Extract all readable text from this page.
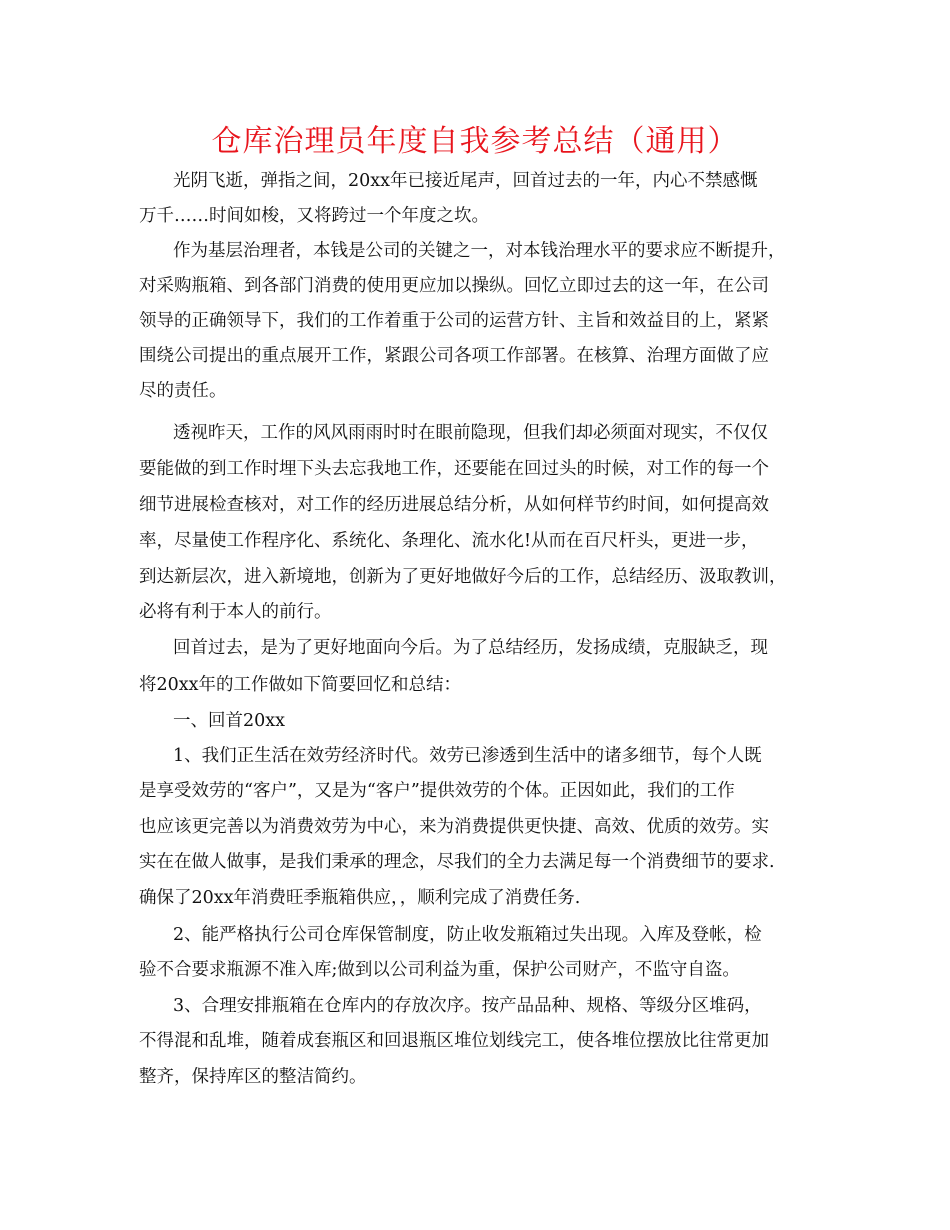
仓库治理员年度自我参考总结（通用）
光阴飞逝，弹指之间，20xx年已接近尾声，回首过去的一年，内心不禁感慨
万千……时间如梭，又将跨过一个年度之坎。
作为基层治理者，本钱是公司的关键之一，对本钱治理水平的要求应不断提升，
对采购瓶箱、到各部门消费的使用更应加以操纵。回忆立即过去的这一年，在公司
领导的正确领导下，我们的工作着重于公司的运营方针、主旨和效益目的上，紧紧
围绕公司提出的重点展开工作，紧跟公司各项工作部署。在核算、治理方面做了应
尽的责任。
透视昨天，工作的风风雨雨时时在眼前隐现，但我们却必须面对现实，不仅仅
要能做的到工作时埋下头去忘我地工作，还要能在回过头的时候，对工作的每一个
细节进展检查核对，对工作的经历进展总结分析，从如何样节约时间，如何提高效
率，尽量使工作程序化、系统化、条理化、流水化!从而在百尺杆头，更进一步，
到达新层次，进入新境地，创新为了更好地做好今后的工作，总结经历、汲取教训，
必将有利于本人的前行。
回首过去，是为了更好地面向今后。为了总结经历，发扬成绩，克服缺乏，现
将20xx年的工作做如下简要回忆和总结：
一、回首20xx
1、我们正生活在效劳经济时代。效劳已渗透到生活中的诸多细节，每个人既
是享受效劳的“客户”，又是为“客户”提供效劳的个体。正因如此，我们的工作
也应该更完善以为消费效劳为中心，来为消费提供更快捷、高效、优质的效劳。实
实在在做人做事，是我们秉承的理念，尽我们的全力去满足每一个消费细节的要求.
确保了20xx年消费旺季瓶箱供应，，顺利完成了消费任务.
2、能严格执行公司仓库保管制度，防止收发瓶箱过失出现。入库及登帐，检
验不合要求瓶源不准入库;做到以公司利益为重，保护公司财产，不监守自盗。
3、合理安排瓶箱在仓库内的存放次序。按产品品种、规格、等级分区堆码，
不得混和乱堆，随着成套瓶区和回退瓶区堆位划线完工，使各堆位摆放比往常更加
整齐，保持库区的整洁简约。
